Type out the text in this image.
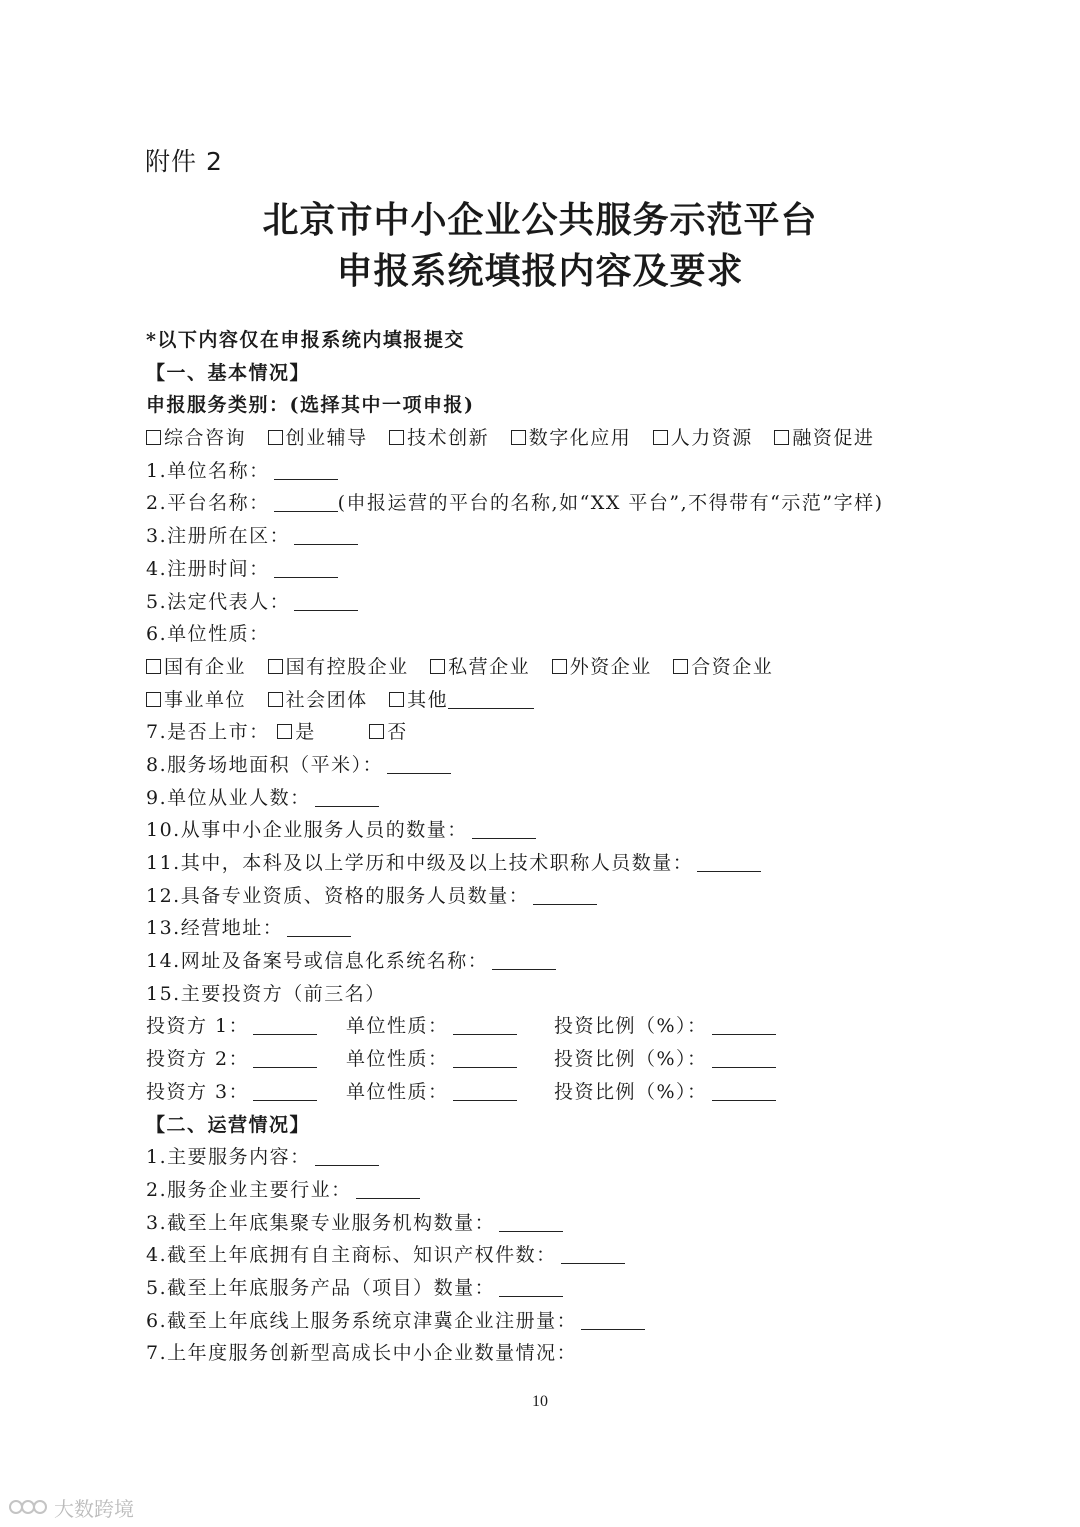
附件 2
北京市中小企业公共服务示范平台
申报系统填报内容及要求
*以下内容仅在申报系统内填报提交
【一、基本情况】
申报服务类别：(选择其中一项申报)
综合咨询 创业辅导 技术创新 数字化应用 人力资源 融资促进
1.单位名称：
2.平台名称：	(申报运营的平台的名称,如“XX 平台”,不得带有“示范”字样)
3.注册所在区：
4.注册时间：
5.法定代表人：
6.单位性质：
国有企业 国有控股企业 私营企业 外资企业 合资企业
事业单位 社会团体 其他
7.是否上市： 是	否
8.服务场地面积（平米）：
9.单位从业人数：
10.从事中小企业服务人员的数量：
11.其中，本科及以上学历和中级及以上技术职称人员数量：
12.具备专业资质、资格的服务人员数量：
13.经营地址：
14.网址及备案号或信息化系统名称：
15.主要投资方（前三名）
投资方 1：	单位性质：	投资比例（%）：
投资方 2：	单位性质：	投资比例（%）：
投资方 3：	单位性质：	投资比例（%）：
【二、运营情况】
1.主要服务内容：
2.服务企业主要行业：
3.截至上年底集聚专业服务机构数量：
4.截至上年底拥有自主商标、知识产权件数：
5.截至上年底服务产品（项目）数量：
6.截至上年底线上服务系统京津冀企业注册量：
7.上年度服务创新型高成长中小企业数量情况：
10
大数跨境
